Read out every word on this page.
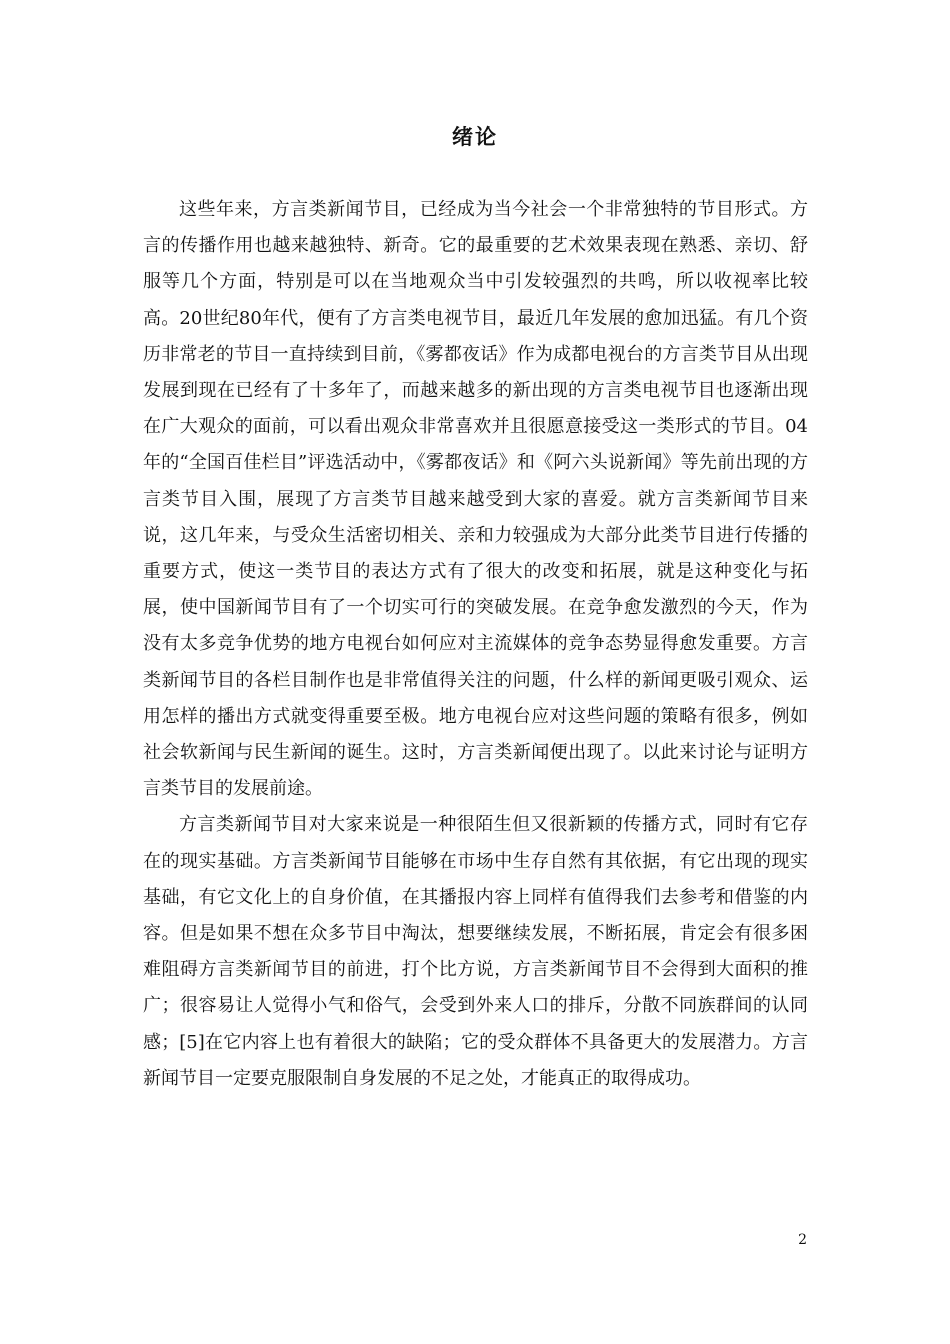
绪论

这些年来，方言类新闻节目，已经成为当今社会一个非常独特的节目形式。方言的传播作用也越来越独特、新奇。它的最重要的艺术效果表现在熟悉、亲切、舒服等几个方面，特别是可以在当地观众当中引发较强烈的共鸣，所以收视率比较高。20世纪80年代，便有了方言类电视节目，最近几年发展的愈加迅猛。有几个资历非常老的节目一直持续到目前，《雾都夜话》作为成都电视台的方言类节目从出现发展到现在已经有了十多年了，而越来越多的新出现的方言类电视节目也逐渐出现在广大观众的面前，可以看出观众非常喜欢并且很愿意接受这一类形式的节目。04年的“全国百佳栏目”评选活动中，《雾都夜话》和《阿六头说新闻》等先前出现的方言类节目入围，展现了方言类节目越来越受到大家的喜爱。就方言类新闻节目来说，这几年来，与受众生活密切相关、亲和力较强成为大部分此类节目进行传播的重要方式，使这一类节目的表达方式有了很大的改变和拓展，就是这种变化与拓展，使中国新闻节目有了一个切实可行的突破发展。在竞争愈发激烈的今天，作为没有太多竞争优势的地方电视台如何应对主流媒体的竞争态势显得愈发重要。方言类新闻节目的各栏目制作也是非常值得关注的问题，什么样的新闻更吸引观众、运用怎样的播出方式就变得重要至极。地方电视台应对这些问题的策略有很多，例如社会软新闻与民生新闻的诞生。这时，方言类新闻便出现了。以此来讨论与证明方言类节目的发展前途。

方言类新闻节目对大家来说是一种很陌生但又很新颖的传播方式，同时有它存在的现实基础。方言类新闻节目能够在市场中生存自然有其依据，有它出现的现实基础，有它文化上的自身价值，在其播报内容上同样有值得我们去参考和借鉴的内容。但是如果不想在众多节目中淘汰，想要继续发展，不断拓展，肯定会有很多困难阻碍方言类新闻节目的前进，打个比方说，方言类新闻节目不会得到大面积的推广；很容易让人觉得小气和俗气，会受到外来人口的排斥，分散不同族群间的认同感；[5]在它内容上也有着很大的缺陷；它的受众群体不具备更大的发展潜力。方言新闻节目一定要克服限制自身发展的不足之处，才能真正的取得成功。

2
